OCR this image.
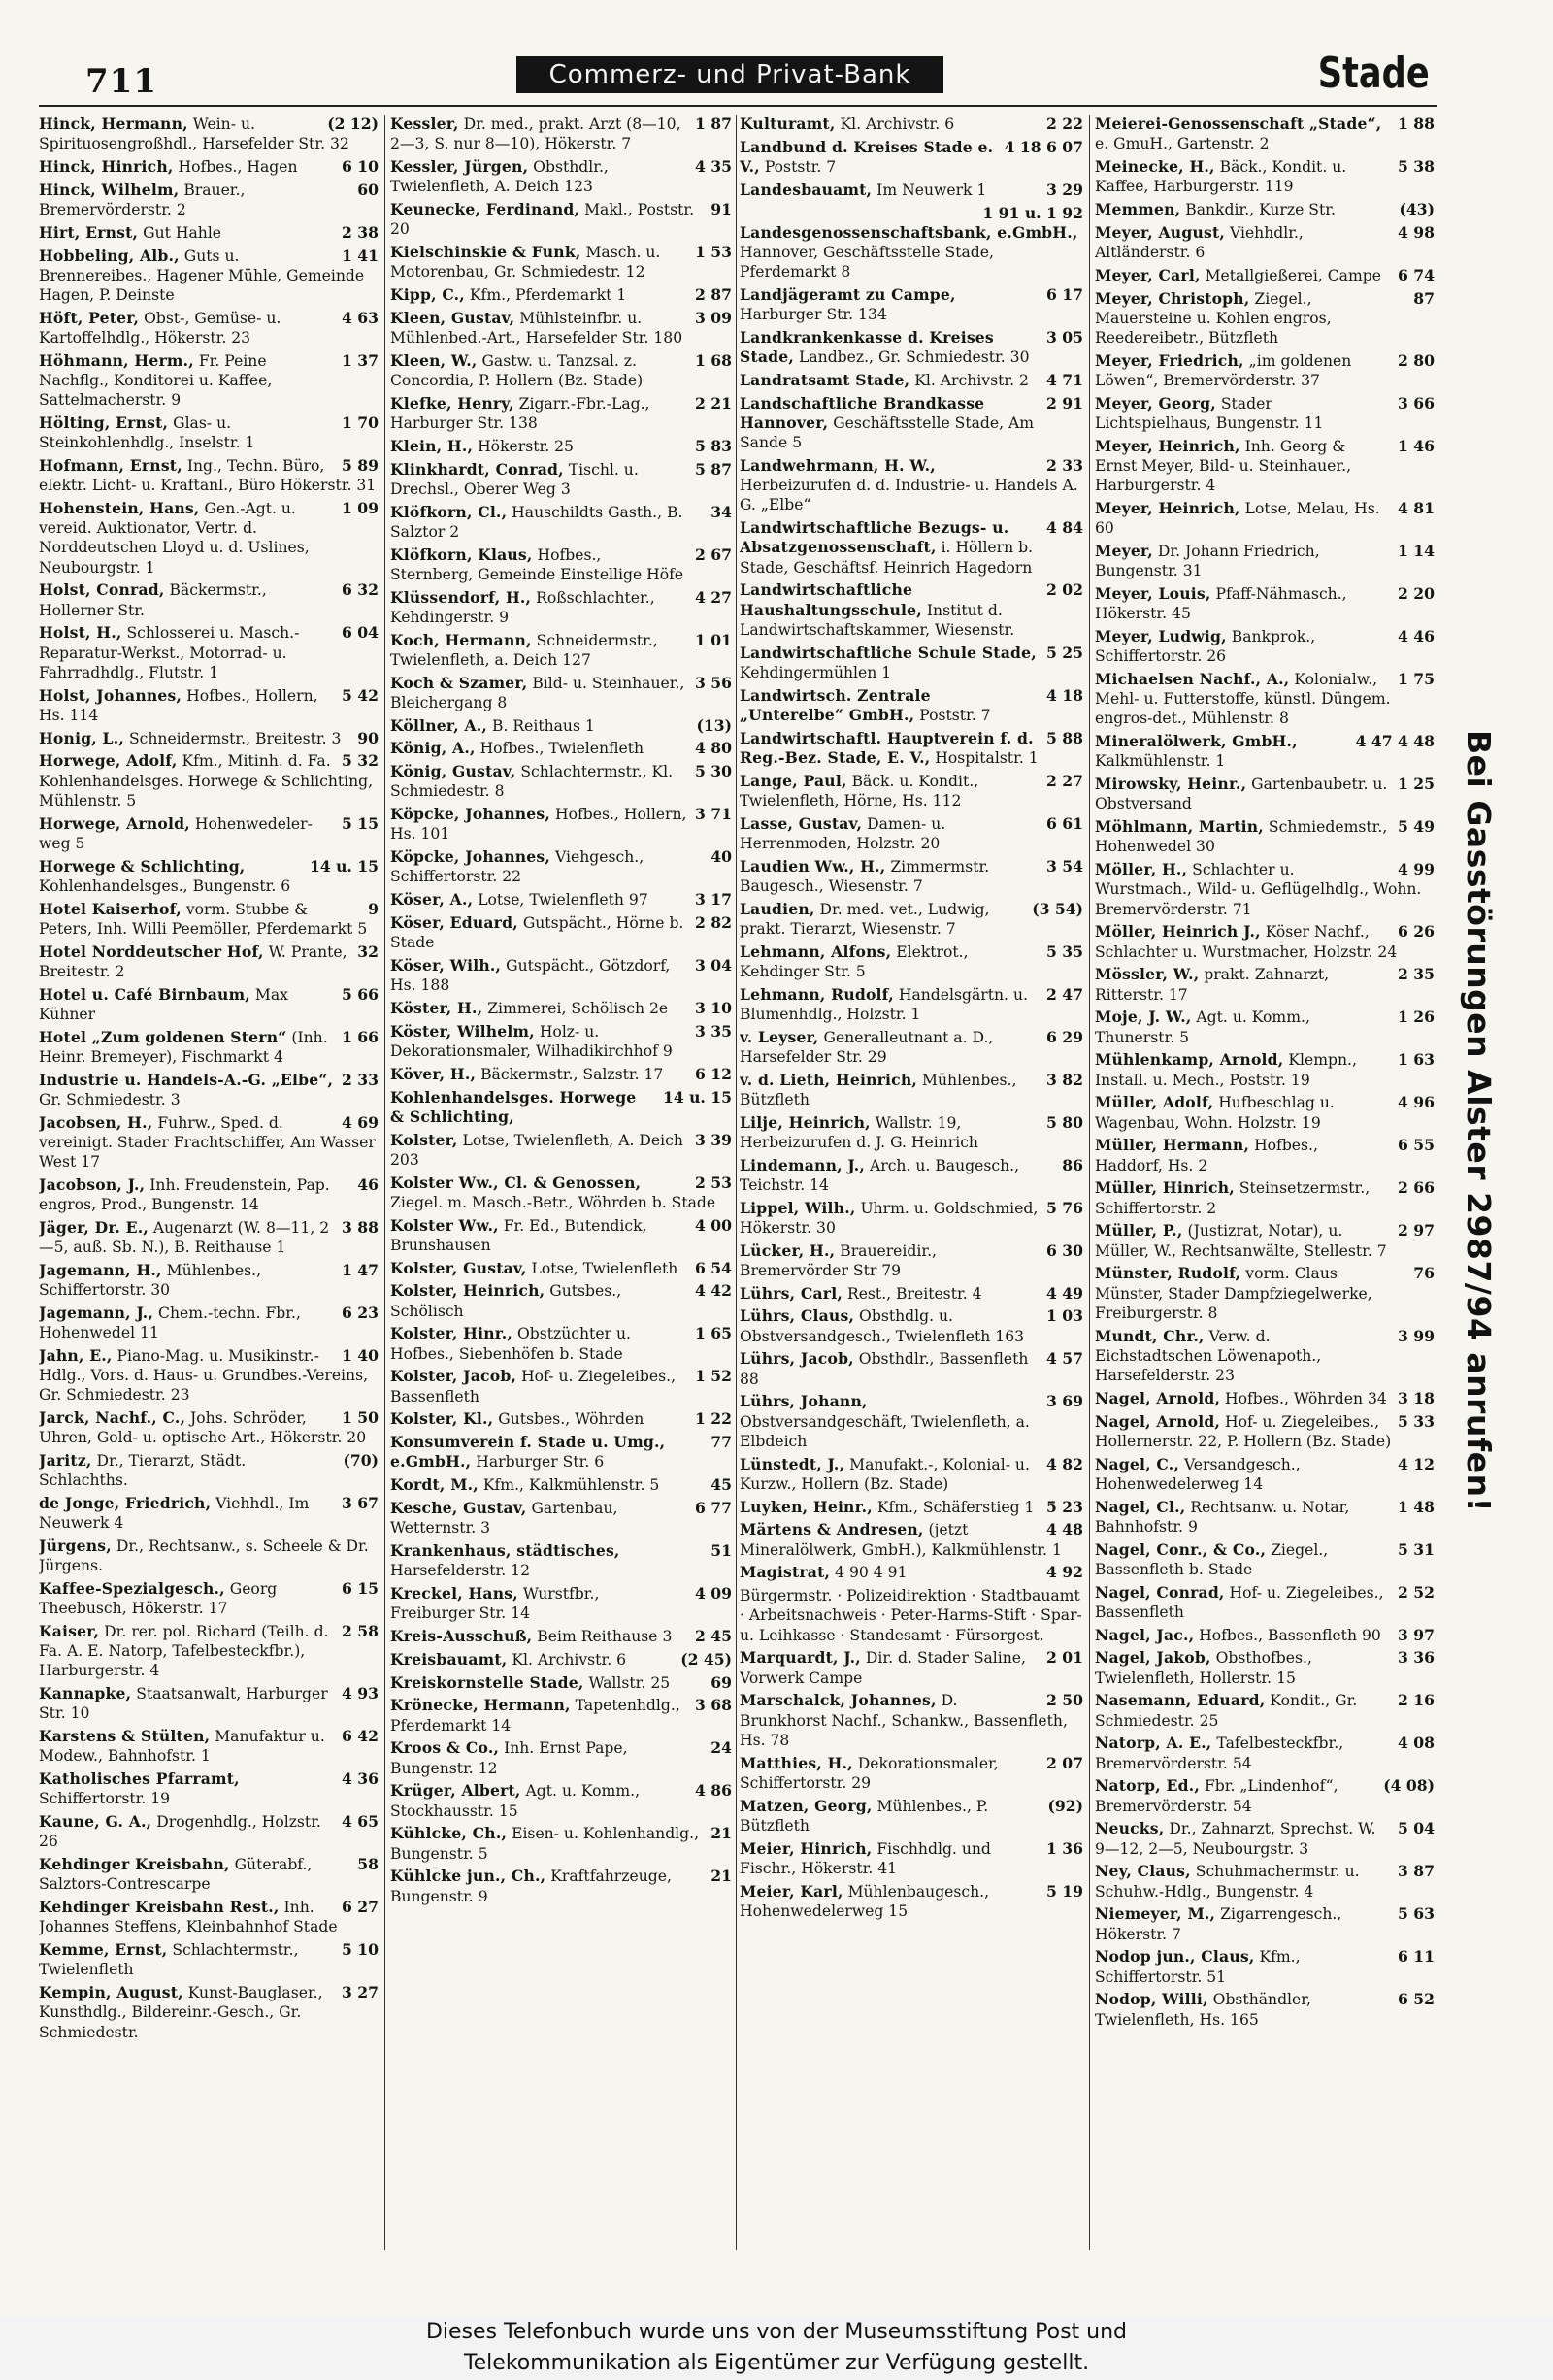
711	Commerz- und Privat-Bank	Stade
(2 12)
Hinck, Hermann, Wein- u. Spirituosengroßhdl., Harsefelder Str. 32
6 10
Hinck, Hinrich, Hofbes., Hagen
60
Hinck, Wilhelm, Brauer., Bremervörderstr. 2
2 38
Hirt, Ernst, Gut Hahle
1 41
Hobbeling, Alb., Guts u. Brennereibes., Hagener Mühle, Gemeinde Hagen, P. Deinste
4 63
Höft, Peter, Obst-, Gemüse- u. Kartoffelhdlg., Hökerstr. 23
1 37
Höhmann, Herm., Fr. Peine Nachflg., Konditorei u. Kaffee, Sattelmacherstr. 9
1 70
Hölting, Ernst, Glas- u. Steinkohlenhdlg., Inselstr. 1
5 89
Hofmann, Ernst, Ing., Techn. Büro, elektr. Licht- u. Kraftanl., Büro Hökerstr. 31
1 09
Hohenstein, Hans, Gen.-Agt. u. vereid. Auktionator, Vertr. d. Norddeutschen Lloyd u. d. Uslines, Neubourgstr. 1
6 32
Holst, Conrad, Bäckermstr., Hollerner Str.
6 04
Holst, H., Schlosserei u. Masch.-Reparatur-Werkst., Motorrad- u. Fahrradhdlg., Flutstr. 1
5 42
Holst, Johannes, Hofbes., Hollern, Hs. 114
90
Honig, L., Schneidermstr., Breitestr. 3
5 32
Horwege, Adolf, Kfm., Mitinh. d. Fa. Kohlenhandelsges. Horwege & Schlichting, Mühlenstr. 5
5 15
Horwege, Arnold, Hohenwedeler-weg 5
14 u. 15
Horwege & Schlichting, Kohlenhandelsges., Bungenstr. 6
9
Hotel Kaiserhof, vorm. Stubbe & Peters, Inh. Willi Peemöller, Pferdemarkt 5
32
Hotel Norddeutscher Hof, W. Prante, Breitestr. 2
5 66
Hotel u. Café Birnbaum, Max Kühner
1 66
Hotel „Zum goldenen Stern“ (Inh. Heinr. Bremeyer), Fischmarkt 4
2 33
Industrie u. Handels-A.-G. „Elbe“, Gr. Schmiedestr. 3
4 69
Jacobsen, H., Fuhrw., Sped. d. vereinigt. Stader Frachtschiffer, Am Wasser West 17
46
Jacobson, J., Inh. Freudenstein, Pap. engros, Prod., Bungenstr. 14
3 88
Jäger, Dr. E., Augenarzt (W. 8—11, 2—5, auß. Sb. N.), B. Reithause 1
1 47
Jagemann, H., Mühlenbes., Schiffertorstr. 30
6 23
Jagemann, J., Chem.-techn. Fbr., Hohenwedel 11
1 40
Jahn, E., Piano-Mag. u. Musikinstr.-Hdlg., Vors. d. Haus- u. Grundbes.-Vereins, Gr. Schmiedestr. 23
1 50
Jarck, Nachf., C., Johs. Schröder, Uhren, Gold- u. optische Art., Hökerstr. 20
(70)
Jaritz, Dr., Tierarzt, Städt. Schlachths.
3 67
de Jonge, Friedrich, Viehhdl., Im Neuwerk 4
Jürgens, Dr., Rechtsanw., s. Scheele & Dr. Jürgens.
6 15
Kaffee-Spezialgesch., Georg Theebusch, Hökerstr. 17
2 58
Kaiser, Dr. rer. pol. Richard (Teilh. d. Fa. A. E. Natorp, Tafelbesteckfbr.), Harburgerstr. 4
4 93
Kannapke, Staatsanwalt, Harburger Str. 10
6 42
Karstens & Stülten, Manufaktur u. Modew., Bahnhofstr. 1
4 36
Katholisches Pfarramt, Schiffertorstr. 19
4 65
Kaune, G. A., Drogenhdlg., Holzstr. 26
58
Kehdinger Kreisbahn, Güterabf., Salztors-Contrescarpe
6 27
Kehdinger Kreisbahn Rest., Inh. Johannes Steffens, Kleinbahnhof Stade
5 10
Kemme, Ernst, Schlachtermstr., Twielenfleth
3 27
Kempin, August, Kunst-Bauglaser., Kunsthdlg., Bildereinr.-Gesch., Gr. Schmiedestr.
1 87
Kessler, Dr. med., prakt. Arzt (8—10, 2—3, S. nur 8—10), Hökerstr. 7
4 35
Kessler, Jürgen, Obsthdlr., Twielenfleth, A. Deich 123
91
Keunecke, Ferdinand, Makl., Poststr. 20
1 53
Kielschinskie & Funk, Masch. u. Motorenbau, Gr. Schmiedestr. 12
2 87
Kipp, C., Kfm., Pferdemarkt 1
3 09
Kleen, Gustav, Mühlsteinfbr. u. Mühlenbed.-Art., Harsefelder Str. 180
1 68
Kleen, W., Gastw. u. Tanzsal. z. Concordia, P. Hollern (Bz. Stade)
2 21
Klefke, Henry, Zigarr.-Fbr.-Lag., Harburger Str. 138
5 83
Klein, H., Hökerstr. 25
5 87
Klinkhardt, Conrad, Tischl. u. Drechsl., Oberer Weg 3
34
Klöfkorn, Cl., Hauschildts Gasth., B. Salztor 2
2 67
Klöfkorn, Klaus, Hofbes., Sternberg, Gemeinde Einstellige Höfe
4 27
Klüssendorf, H., Roßschlachter., Kehdingerstr. 9
1 01
Koch, Hermann, Schneidermstr., Twielenfleth, a. Deich 127
3 56
Koch & Szamer, Bild- u. Steinhauer., Bleichergang 8
(13)
Köllner, A., B. Reithaus 1
4 80
König, A., Hofbes., Twielenfleth
5 30
König, Gustav, Schlachtermstr., Kl. Schmiedestr. 8
3 71
Köpcke, Johannes, Hofbes., Hollern, Hs. 101
40
Köpcke, Johannes, Viehgesch., Schiffertorstr. 22
3 17
Köser, A., Lotse, Twielenfleth 97
2 82
Köser, Eduard, Gutspächt., Hörne b. Stade
3 04
Köser, Wilh., Gutspächt., Götzdorf, Hs. 188
3 10
Köster, H., Zimmerei, Schölisch 2e
3 35
Köster, Wilhelm, Holz- u. Dekorationsmaler, Wilhadikirchhof 9
6 12
Köver, H., Bäckermstr., Salzstr. 17
14 u. 15
Kohlenhandelsges. Horwege & Schlichting,
3 39
Kolster, Lotse, Twielenfleth, A. Deich 203
2 53
Kolster Ww., Cl. & Genossen, Ziegel. m. Masch.-Betr., Wöhrden b. Stade
4 00
Kolster Ww., Fr. Ed., Butendick, Brunshausen
6 54
Kolster, Gustav, Lotse, Twielenfleth
4 42
Kolster, Heinrich, Gutsbes., Schölisch
1 65
Kolster, Hinr., Obstzüchter u. Hofbes., Siebenhöfen b. Stade
1 52
Kolster, Jacob, Hof- u. Ziegeleibes., Bassenfleth
1 22
Kolster, Kl., Gutsbes., Wöhrden
77
Konsumverein f. Stade u. Umg., e.GmbH., Harburger Str. 6
45
Kordt, M., Kfm., Kalkmühlenstr. 5
6 77
Kesche, Gustav, Gartenbau, Wetternstr. 3
51
Krankenhaus, städtisches, Harsefelderstr. 12
4 09
Kreckel, Hans, Wurstfbr., Freiburger Str. 14
2 45
Kreis-Ausschuß, Beim Reithause 3
(2 45)
Kreisbauamt, Kl. Archivstr. 6
69
Kreiskornstelle Stade, Wallstr. 25
3 68
Krönecke, Hermann, Tapetenhdlg., Pferdemarkt 14
24
Kroos & Co., Inh. Ernst Pape, Bungenstr. 12
4 86
Krüger, Albert, Agt. u. Komm., Stockhausstr. 15
21
Kühlcke, Ch., Eisen- u. Kohlenhandlg., Bungenstr. 5
21
Kühlcke jun., Ch., Kraftfahrzeuge, Bungenstr. 9
2 22
Kulturamt, Kl. Archivstr. 6
4 18 6 07
Landbund d. Kreises Stade e. V., Poststr. 7
3 29
Landesbauamt, Im Neuwerk 1
1 91 u. 1 92
Landesgenossenschaftsbank, e.GmbH., Hannover, Geschäftsstelle Stade, Pferdemarkt 8
6 17
Landjägeramt zu Campe, Harburger Str. 134
3 05
Landkrankenkasse d. Kreises Stade, Landbez., Gr. Schmiedestr. 30
4 71
Landratsamt Stade, Kl. Archivstr. 2
2 91
Landschaftliche Brandkasse Hannover, Geschäftsstelle Stade, Am Sande 5
2 33
Landwehrmann, H. W., Herbeizurufen d. d. Industrie- u. Handels A. G. „Elbe“
4 84
Landwirtschaftliche Bezugs- u. Absatzgenossenschaft, i. Höllern b. Stade, Geschäftsf. Heinrich Hagedorn
2 02
Landwirtschaftliche Haushaltungsschule, Institut d. Landwirtschaftskammer, Wiesenstr.
5 25
Landwirtschaftliche Schule Stade, Kehdingermühlen 1
4 18
Landwirtsch. Zentrale „Unterelbe“ GmbH., Poststr. 7
5 88
Landwirtschaftl. Hauptverein f. d. Reg.-Bez. Stade, E. V., Hospitalstr. 1
2 27
Lange, Paul, Bäck. u. Kondit., Twielenfleth, Hörne, Hs. 112
6 61
Lasse, Gustav, Damen- u. Herrenmoden, Holzstr. 20
3 54
Laudien Ww., H., Zimmermstr. Baugesch., Wiesenstr. 7
(3 54)
Laudien, Dr. med. vet., Ludwig, prakt. Tierarzt, Wiesenstr. 7
5 35
Lehmann, Alfons, Elektrot., Kehdinger Str. 5
2 47
Lehmann, Rudolf, Handelsgärtn. u. Blumenhdlg., Holzstr. 1
6 29
v. Leyser, Generalleutnant a. D., Harsefelder Str. 29
3 82
v. d. Lieth, Heinrich, Mühlenbes., Bützfleth
5 80
Lilje, Heinrich, Wallstr. 19, Herbeizurufen d. J. G. Heinrich
86
Lindemann, J., Arch. u. Baugesch., Teichstr. 14
5 76
Lippel, Wilh., Uhrm. u. Goldschmied, Hökerstr. 30
6 30
Lücker, H., Brauereidir., Bremervörder Str 79
4 49
Lührs, Carl, Rest., Breitestr. 4
1 03
Lührs, Claus, Obsthdlg. u. Obstversandgesch., Twielenfleth 163
4 57
Lührs, Jacob, Obsthdlr., Bassenfleth 88
3 69
Lührs, Johann, Obstversandgeschäft, Twielenfleth, a. Elbdeich
4 82
Lünstedt, J., Manufakt.-, Kolonial- u. Kurzw., Hollern (Bz. Stade)
5 23
Luyken, Heinr., Kfm., Schäferstieg 1
4 48
Märtens & Andresen, (jetzt Mineralölwerk, GmbH.), Kalkmühlenstr. 1
4 92
Magistrat, 4 90 4 91
Bürgermstr. · Polizeidirektion · Stadtbauamt · Arbeitsnachweis · Peter-Harms-Stift · Spar- u. Leihkasse · Standesamt · Fürsorgest.
2 01
Marquardt, J., Dir. d. Stader Saline, Vorwerk Campe
2 50
Marschalck, Johannes, D. Brunkhorst Nachf., Schankw., Bassenfleth, Hs. 78
2 07
Matthies, H., Dekorationsmaler, Schiffertorstr. 29
(92)
Matzen, Georg, Mühlenbes., P. Bützfleth
1 36
Meier, Hinrich, Fischhdlg. und Fischr., Hökerstr. 41
5 19
Meier, Karl, Mühlenbaugesch., Hohenwedelerweg 15
1 88
Meierei-Genossenschaft „Stade“, e. GmuH., Gartenstr. 2
5 38
Meinecke, H., Bäck., Kondit. u. Kaffee, Harburgerstr. 119
(43)
Memmen, Bankdir., Kurze Str.
4 98
Meyer, August, Viehhdlr., Altländerstr. 6
6 74
Meyer, Carl, Metallgießerei, Campe
87
Meyer, Christoph, Ziegel., Mauersteine u. Kohlen engros, Reedereibetr., Bützfleth
2 80
Meyer, Friedrich, „im goldenen Löwen“, Bremervörderstr. 37
3 66
Meyer, Georg, Stader Lichtspielhaus, Bungenstr. 11
1 46
Meyer, Heinrich, Inh. Georg & Ernst Meyer, Bild- u. Steinhauer., Harburgerstr. 4
4 81
Meyer, Heinrich, Lotse, Melau, Hs. 60
1 14
Meyer, Dr. Johann Friedrich, Bungenstr. 31
2 20
Meyer, Louis, Pfaff-Nähmasch., Hökerstr. 45
4 46
Meyer, Ludwig, Bankprok., Schiffertorstr. 26
1 75
Michaelsen Nachf., A., Kolonialw., Mehl- u. Futterstoffe, künstl. Düngem. engros-det., Mühlenstr. 8
4 47 4 48
Mineralölwerk, GmbH., Kalkmühlenstr. 1
1 25
Mirowsky, Heinr., Gartenbaubetr. u. Obstversand
5 49
Möhlmann, Martin, Schmiedemstr., Hohenwedel 30
4 99
Möller, H., Schlachter u. Wurstmach., Wild- u. Geflügelhdlg., Wohn. Bremervörderstr. 71
6 26
Möller, Heinrich J., Köser Nachf., Schlachter u. Wurstmacher, Holzstr. 24
2 35
Mössler, W., prakt. Zahnarzt, Ritterstr. 17
1 26
Moje, J. W., Agt. u. Komm., Thunerstr. 5
1 63
Mühlenkamp, Arnold, Klempn., Install. u. Mech., Poststr. 19
4 96
Müller, Adolf, Hufbeschlag u. Wagenbau, Wohn. Holzstr. 19
6 55
Müller, Hermann, Hofbes., Haddorf, Hs. 2
2 66
Müller, Hinrich, Steinsetzermstr., Schiffertorstr. 2
2 97
Müller, P., (Justizrat, Notar), u. Müller, W., Rechtsanwälte, Stellestr. 7
76
Münster, Rudolf, vorm. Claus Münster, Stader Dampfziegelwerke, Freiburgerstr. 8
3 99
Mundt, Chr., Verw. d. Eichstadtschen Löwenapoth., Harsefelderstr. 23
3 18
Nagel, Arnold, Hofbes., Wöhrden 34
5 33
Nagel, Arnold, Hof- u. Ziegeleibes., Hollernerstr. 22, P. Hollern (Bz. Stade)
4 12
Nagel, C., Versandgesch., Hohenwedelerweg 14
1 48
Nagel, Cl., Rechtsanw. u. Notar, Bahnhofstr. 9
5 31
Nagel, Conr., & Co., Ziegel., Bassenfleth b. Stade
2 52
Nagel, Conrad, Hof- u. Ziegeleibes., Bassenfleth
3 97
Nagel, Jac., Hofbes., Bassenfleth 90
3 36
Nagel, Jakob, Obsthofbes., Twielenfleth, Hollerstr. 15
2 16
Nasemann, Eduard, Kondit., Gr. Schmiedestr. 25
4 08
Natorp, A. E., Tafelbesteckfbr., Bremervörderstr. 54
(4 08)
Natorp, Ed., Fbr. „Lindenhof“, Bremervörderstr. 54
5 04
Neucks, Dr., Zahnarzt, Sprechst. W. 9—12, 2—5, Neubourgstr. 3
3 87
Ney, Claus, Schuhmachermstr. u. Schuhw.-Hdlg., Bungenstr. 4
5 63
Niemeyer, M., Zigarrengesch., Hökerstr. 7
6 11
Nodop jun., Claus, Kfm., Schiffertorstr. 51
6 52
Nodop, Willi, Obsthändler, Twielenfleth, Hs. 165
Bei Gasstörungen Alster 2987/94 anrufen!
Dieses Telefonbuch wurde uns von der Museumsstiftung Post und
Telekommunikation als Eigentümer zur Verfügung gestellt.
